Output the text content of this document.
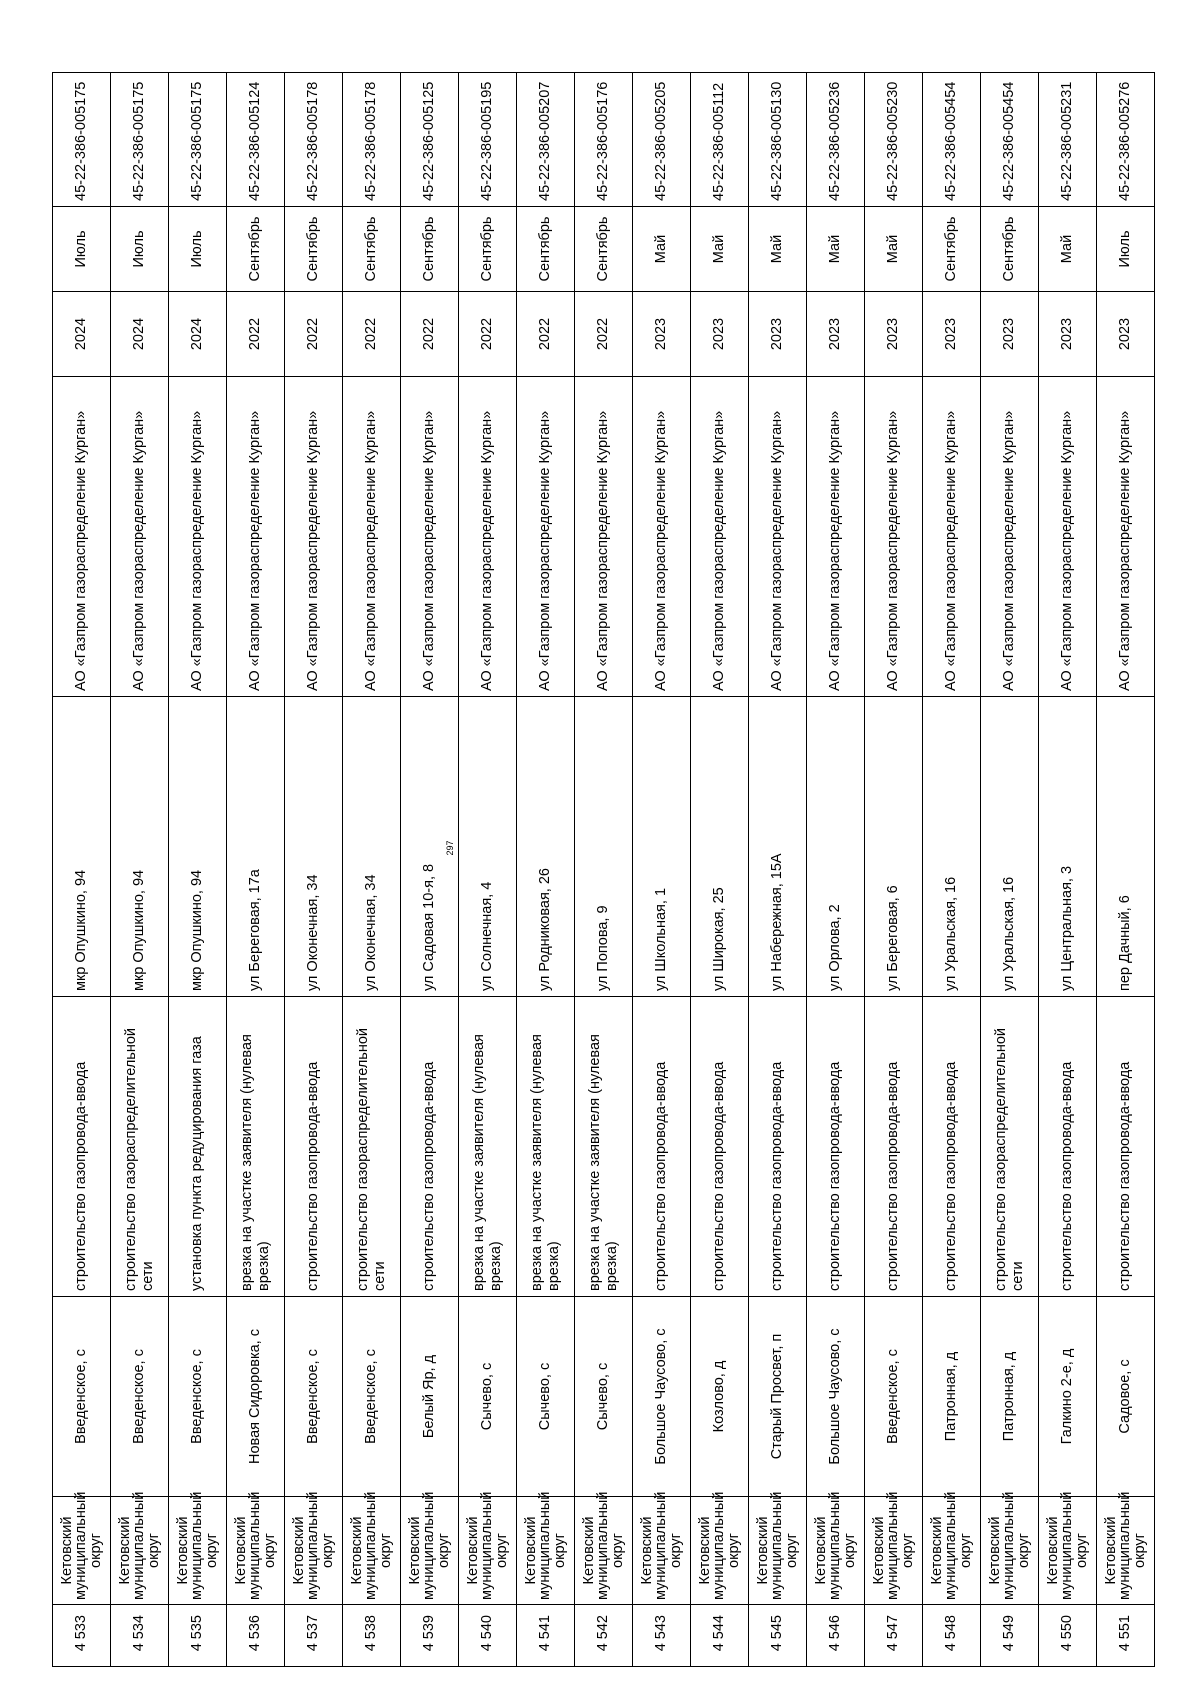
297
4 533	Кетовский
муниципальный
округ	Введенское, с	строительство газопровода-ввода	мкр Опушкино, 94	АО «Газпром газораспределение Курган»	2024	Июль	45-22-386-005175
4 534	Кетовский
муниципальный
округ	Введенское, с	строительство газораспределительной сети	мкр Опушкино, 94	АО «Газпром газораспределение Курган»	2024	Июль	45-22-386-005175
4 535	Кетовский
муниципальный
округ	Введенское, с	установка пункта редуцирования газа	мкр Опушкино, 94	АО «Газпром газораспределение Курган»	2024	Июль	45-22-386-005175
4 536	Кетовский
муниципальный
округ	Новая Сидоровка, с	врезка на участке заявителя (нулевая врезка)	ул Береговая, 17а	АО «Газпром газораспределение Курган»	2022	Сентябрь	45-22-386-005124
4 537	Кетовский
муниципальный
округ	Введенское, с	строительство газопровода-ввода	ул Оконечная, 34	АО «Газпром газораспределение Курган»	2022	Сентябрь	45-22-386-005178
4 538	Кетовский
муниципальный
округ	Введенское, с	строительство газораспределительной сети	ул Оконечная, 34	АО «Газпром газораспределение Курган»	2022	Сентябрь	45-22-386-005178
4 539	Кетовский
муниципальный
округ	Белый Яр, д	строительство газопровода-ввода	ул Садовая 10-я, 8	АО «Газпром газораспределение Курган»	2022	Сентябрь	45-22-386-005125
4 540	Кетовский
муниципальный
округ	Сычево, с	врезка на участке заявителя (нулевая врезка)	ул Солнечная, 4	АО «Газпром газораспределение Курган»	2022	Сентябрь	45-22-386-005195
4 541	Кетовский
муниципальный
округ	Сычево, с	врезка на участке заявителя (нулевая врезка)	ул Родниковая, 26	АО «Газпром газораспределение Курган»	2022	Сентябрь	45-22-386-005207
4 542	Кетовский
муниципальный
округ	Сычево, с	врезка на участке заявителя (нулевая врезка)	ул Попова, 9	АО «Газпром газораспределение Курган»	2022	Сентябрь	45-22-386-005176
4 543	Кетовский
муниципальный
округ	Большое Чаусово, с	строительство газопровода-ввода	ул Школьная, 1	АО «Газпром газораспределение Курган»	2023	Май	45-22-386-005205
4 544	Кетовский
муниципальный
округ	Козлово, д	строительство газопровода-ввода	ул Широкая, 25	АО «Газпром газораспределение Курган»	2023	Май	45-22-386-005112
4 545	Кетовский
муниципальный
округ	Старый Просвет, п	строительство газопровода-ввода	ул Набережная, 15А	АО «Газпром газораспределение Курган»	2023	Май	45-22-386-005130
4 546	Кетовский
муниципальный
округ	Большое Чаусово, с	строительство газопровода-ввода	ул Орлова, 2	АО «Газпром газораспределение Курган»	2023	Май	45-22-386-005236
4 547	Кетовский
муниципальный
округ	Введенское, с	строительство газопровода-ввода	ул Береговая, 6	АО «Газпром газораспределение Курган»	2023	Май	45-22-386-005230
4 548	Кетовский
муниципальный
округ	Патронная, д	строительство газопровода-ввода	ул Уральская, 16	АО «Газпром газораспределение Курган»	2023	Сентябрь	45-22-386-005454
4 549	Кетовский
муниципальный
округ	Патронная, д	строительство газораспределительной сети	ул Уральская, 16	АО «Газпром газораспределение Курган»	2023	Сентябрь	45-22-386-005454
4 550	Кетовский
муниципальный
округ	Галкино 2-е, д	строительство газопровода-ввода	ул Центральная, 3	АО «Газпром газораспределение Курган»	2023	Май	45-22-386-005231
4 551	Кетовский
муниципальный
округ	Садовое, с	строительство газопровода-ввода	пер Дачный, 6	АО «Газпром газораспределение Курган»	2023	Июль	45-22-386-005276
